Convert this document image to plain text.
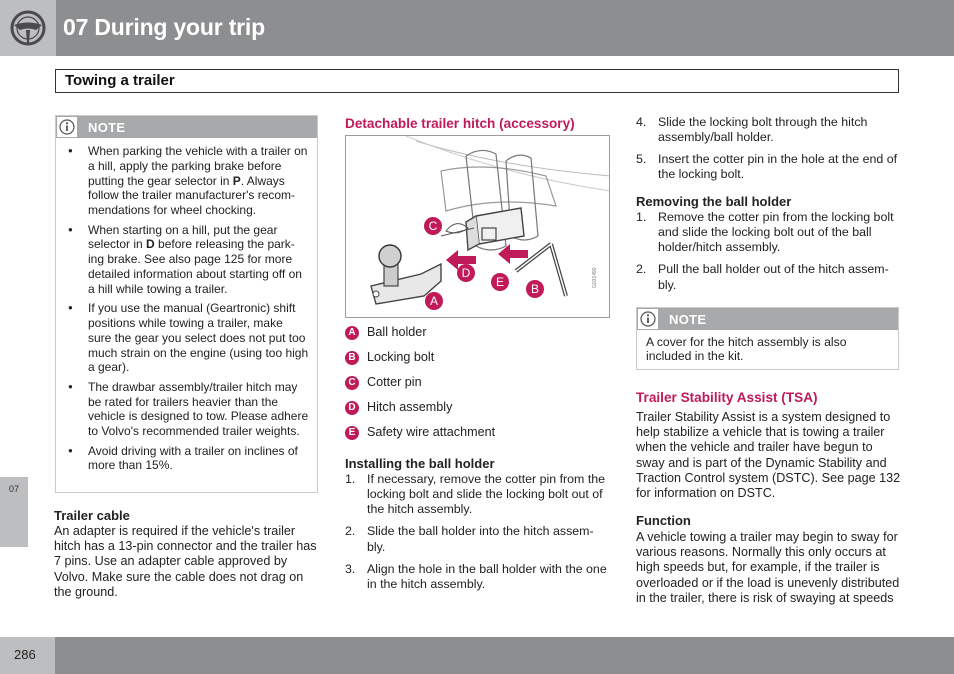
07 During your trip
Towing a trailer
07
NOTE
● When parking the vehicle with a trailer on a hill, apply the parking brake before putting the gear selector in P. Always follow the trailer manufacturer's recom-mendations for wheel chocking.
● When starting on a hill, put the gear selector in D before releasing the park-ing brake. See also page 125 for more detailed information about starting off on a hill while towing a trailer.
● If you use the manual (Geartronic) shift positions while towing a trailer, make sure the gear you select does not put too much strain on the engine (using too high a gear).
● The drawbar assembly/trailer hitch may be rated for trailers heavier than the vehicle is designed to tow. Please adhere to Volvo's recommended trailer weights.
● Avoid driving with a trailer on inclines of more than 15%.
Trailer cable
An adapter is required if the vehicle's trailer hitch has a 13-pin connector and the trailer has 7 pins. Use an adapter cable approved by Volvo. Make sure the cable does not drag on the ground.
Detachable trailer hitch (accessory)
C
D
E	B
A
G031490
A Ball holder
B Locking bolt
C Cotter pin
D Hitch assembly
E Safety wire attachment
Installing the ball holder
1. If necessary, remove the cotter pin from the locking bolt and slide the locking bolt out of the hitch assembly.
2. Slide the ball holder into the hitch assem-bly.
3. Align the hole in the ball holder with the one in the hitch assembly.
4. Slide the locking bolt through the hitch assembly/ball holder.
5. Insert the cotter pin in the hole at the end of the locking bolt.
Removing the ball holder
1. Remove the cotter pin from the locking bolt and slide the locking bolt out of the ball holder/hitch assembly.
2. Pull the ball holder out of the hitch assem-bly.
NOTE
A cover for the hitch assembly is also included in the kit.
Trailer Stability Assist (TSA)
Trailer Stability Assist is a system designed to help stabilize a vehicle that is towing a trailer when the vehicle and trailer have begun to sway and is part of the Dynamic Stability and Traction Control system (DSTC). See page 132 for information on DSTC.
Function
A vehicle towing a trailer may begin to sway for various reasons. Normally this only occurs at high speeds but, for example, if the trailer is overloaded or if the load is unevenly distributed in the trailer, there is risk of swaying at speeds
286
